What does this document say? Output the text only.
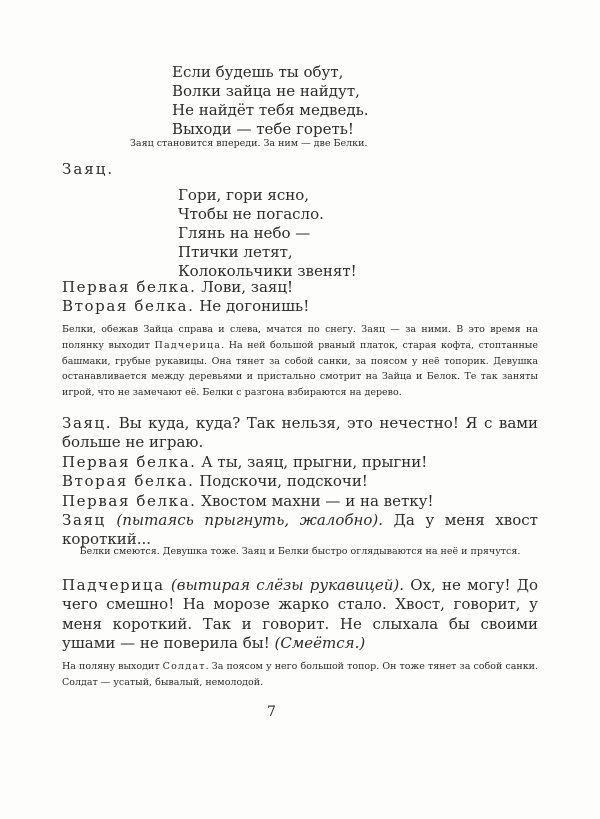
Если будешь ты обут,
Волки зайца не найдут,
Не найдёт тебя медведь.
Выходи — тебе гореть!
Заяц становится впереди. За ним — две Белки.
Заяц.
Гори, гори ясно,
Чтобы не погасло.
Глянь на небо —
Птички летят,
Колокольчики звенят!
Первая белка. Лови, заяц!
Вторая белка. Не догонишь!
Белки, обежав Зайца справа и слева, мчатся по снегу. Заяц — за ними. В это время на полянку выходит Падчерица. На ней большой рваный платок, старая кофта, стоптанные башмаки, грубые рукавицы. Она тянет за собой санки, за поясом у неё топорик. Девушка останавливается между деревьями и пристально смотрит на Зайца и Белок. Те так заняты игрой, что не замечают её. Белки с разгона взбираются на дерево.
Заяц. Вы куда, куда? Так нельзя, это нечестно! Я с вами больше не играю.
Первая белка. А ты, заяц, прыгни, прыгни!
Вторая белка. Подскочи, подскочи!
Первая белка. Хвостом махни — и на ветку!
Заяц (пытаясь прыгнуть, жалобно). Да у меня хвост короткий...
Белки смеются. Девушка тоже. Заяц и Белки быстро оглядываются на неё и прячутся.
Падчерица (вытирая слёзы рукавицей). Ох, не могу! До чего смешно! На морозе жарко стало. Хвост, говорит, у меня короткий. Так и говорит. Не слыхала бы своими ушами — не поверила бы! (Смеётся.)
На поляну выходит Солдат. За поясом у него большой топор. Он тоже тянет за собой санки. Солдат — усатый, бывалый, немолодой.
7
